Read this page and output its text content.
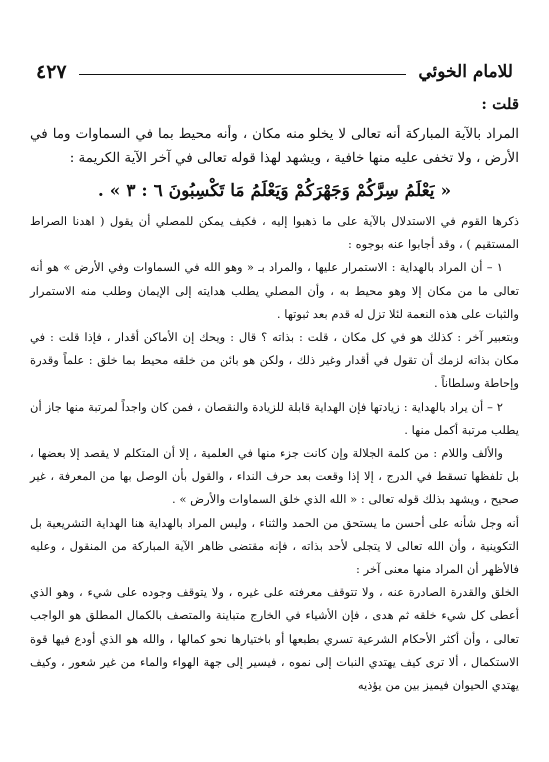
للامام الخوئي
٤٢٧

قلت :

المراد بالآية المباركة أنه تعالى لا يخلو منه مكان ، وأنه محيط بما في السماوات وما في الأرض ، ولا تخفى عليه منها خافية ، ويشهد لهذا قوله تعالى في آخر الآية الكريمة :

« يَعْلَمُ سِرَّكُمْ وَجَهْرَكُمْ وَيَعْلَمُ مَا تَكْسِبُونَ ٦ : ٣ » .

ذكرها القوم في الاستدلال بالآية على ما ذهبوا إليه ، فكيف يمكن للمصلي أن يقول ( اهدنا الصراط المستقيم ) ، وقد أجابوا عنه بوجوه :

١ – أن المراد بالهداية : الاستمرار عليها ، والمراد بـ « وهو الله في السماوات وفي الأرض » هو أنه تعالى ما من مكان إلا وهو محيط به ، وأن المصلي يطلب هدايته إلى الإيمان وطلب منه الاستمرار والثبات على هذه النعمة لئلا تزل له قدم بعد ثبوتها .

وبتعبير آخر : كذلك هو في كل مكان ، قلت : بذاته ؟ قال : ويحك إن الأماكن أقدار ، فإذا قلت : في مكان بذاته لزمك أن تقول في أقدار وغير ذلك ، ولكن هو بائن من خلقه محيط بما خلق : علماً وقدرة وإحاطة وسلطاناً .

٢ – أن يراد بالهداية : زيادتها فإن الهداية قابلة للزيادة والنقصان ، فمن كان واجداً لمرتبة منها جاز أن يطلب مرتبة أكمل منها .

والألف واللام : من كلمة الجلالة وإن كانت جزء منها في العلمية ، إلا أن المتكلم لا يقصد إلا بعضها ، بل تلفظها تسقط في الدرج ، إلا إذا وقعت بعد حرف النداء ، والقول بأن الوصل بها من المعرفة ، غير صحيح ، ويشهد بذلك قوله تعالى : « الله الذي خلق السماوات والأرض » .

أنه وجل شأنه على أحسن ما يستحق من الحمد والثناء ، وليس المراد بالهداية هنا الهداية التشريعية بل التكوينية ، وأن الله تعالى لا يتجلى لأحد بذاته ، فإنه مقتضى ظاهر الآية المباركة من المنقول ، وعليه فالأظهر أن المراد منها معنى آخر :

الخلق والقدرة الصادرة عنه ، ولا تتوقف معرفته على غيره ، ولا يتوقف وجوده على شيء ، وهو الذي أعطى كل شيء خلقه ثم هدى ، فإن الأشياء في الخارج متباينة والمتصف بالكمال المطلق هو الواجب تعالى ، وأن أكثر الأحكام الشرعية تسري بطبعها أو باختيارها نحو كمالها ، والله هو الذي أودع فيها قوة الاستكمال ، ألا ترى كيف يهتدي النبات إلى نموه ، فيسير إلى جهة الهواء والماء من غير شعور ، وكيف يهتدي الحيوان فيميز بين من يؤذيه
